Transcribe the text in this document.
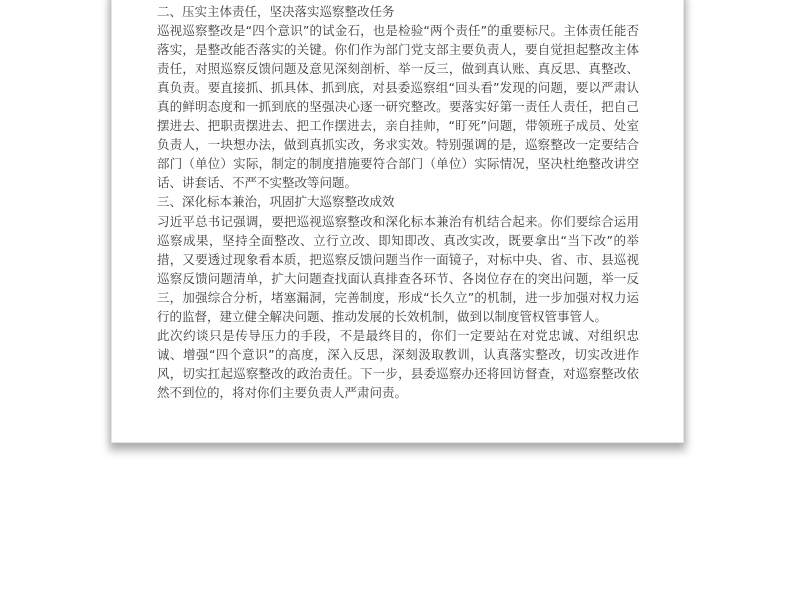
二、压实主体责任，坚决落实巡察整改任务

巡视巡察整改是“四个意识”的试金石，也是检验“两个责任”的重要标尺。主体责任能否落实，是整改能否落实的关键。你们作为部门党支部主要负责人，要自觉担起整改主体责任，对照巡察反馈问题及意见深刻剖析、举一反三，做到真认账、真反思、真整改、真负责。要直接抓、抓具体、抓到底，对县委巡察组“回头看”发现的问题，要以严肃认真的鲜明态度和一抓到底的坚强决心逐一研究整改。要落实好第一责任人责任，把自己摆进去、把职责摆进去、把工作摆进去，亲自挂帅，“盯死”问题，带领班子成员、处室负责人，一块想办法，做到真抓实改，务求实效。特别强调的是，巡察整改一定要结合部门（单位）实际，制定的制度措施要符合部门（单位）实际情况，坚决杜绝整改讲空话、讲套话、不严不实整改等问题。

三、深化标本兼治，巩固扩大巡察整改成效

习近平总书记强调，要把巡视巡察整改和深化标本兼治有机结合起来。你们要综合运用巡察成果，坚持全面整改、立行立改、即知即改、真改实改，既要拿出“当下改”的举措，又要透过现象看本质，把巡察反馈问题当作一面镜子，对标中央、省、市、县巡视巡察反馈问题清单，扩大问题查找面认真排查各环节、各岗位存在的突出问题，举一反三，加强综合分析，堵塞漏洞，完善制度，形成“长久立”的机制，进一步加强对权力运行的监督，建立健全解决问题、推动发展的长效机制，做到以制度管权管事管人。

此次约谈只是传导压力的手段，不是最终目的，你们一定要站在对党忠诚、对组织忠诚、增强“四个意识”的高度，深入反思，深刻汲取教训，认真落实整改，切实改进作风，切实扛起巡察整改的政治责任。下一步，县委巡察办还将回访督查，对巡察整改依然不到位的，将对你们主要负责人严肃问责。
